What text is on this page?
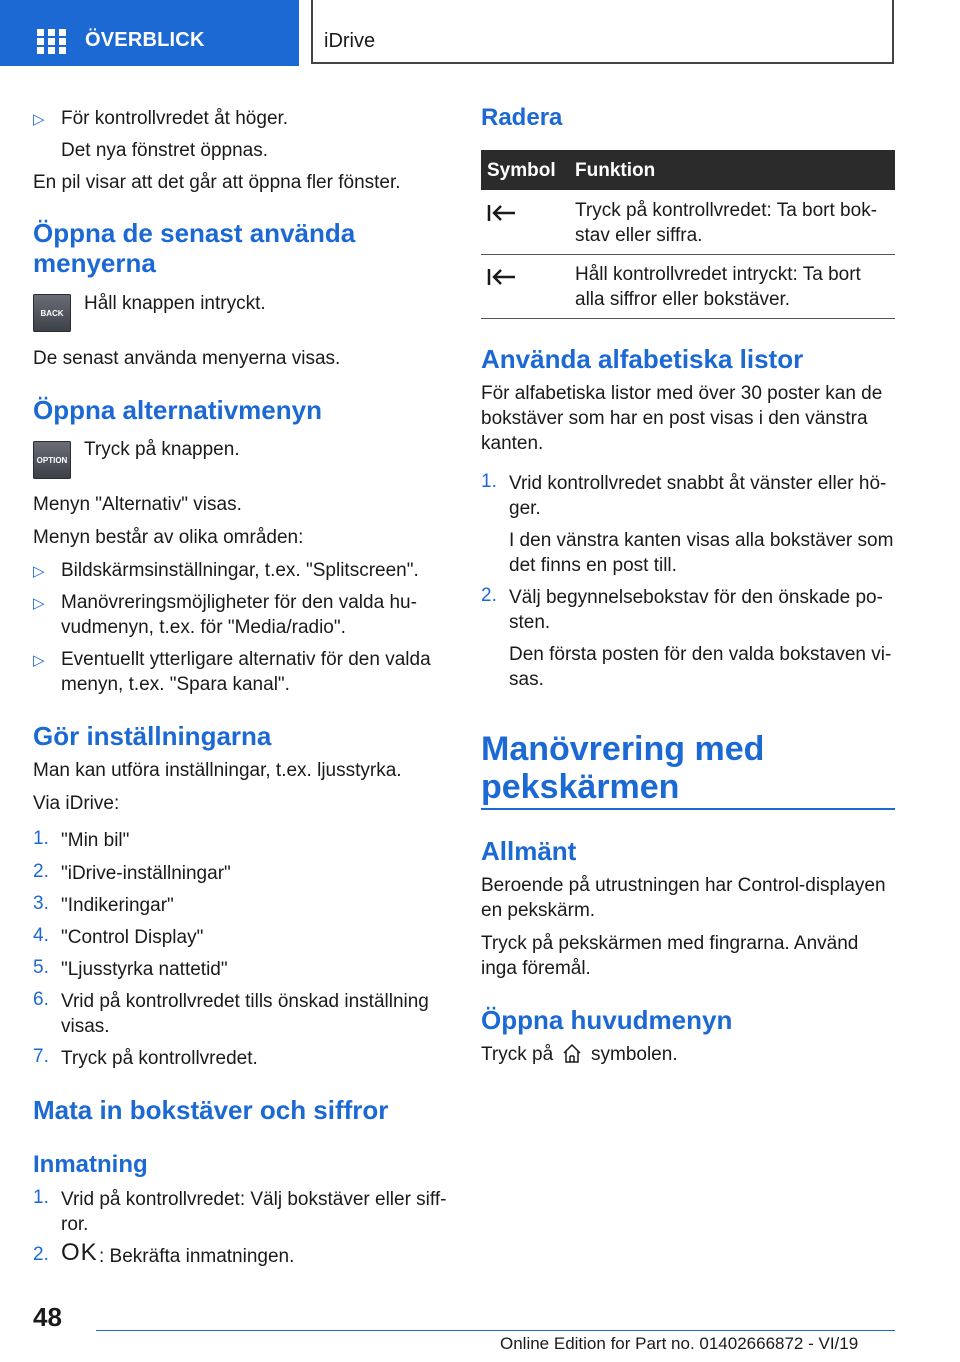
ÖVERBLICK	iDrive
▷ För kontrollvredet åt höger.
Det nya fönstret öppnas.
En pil visar att det går att öppna fler fönster.
Öppna de senast använda
menyerna
BACK	Håll knappen intryckt.
De senast använda menyerna visas.
Öppna alternativmenyn
OPTION Tryck på knappen.
Menyn "Alternativ" visas.
Menyn består av olika områden:
▷ Bildskärmsinställningar, t.ex. "Splitscreen".
▷ Manövreringsmöjligheter för den valda hu-
vudmenyn, t.ex. för "Media/radio".
▷ Eventuellt ytterligare alternativ för den valda
menyn, t.ex. "Spara kanal".
Gör inställningarna
Man kan utföra inställningar, t.ex. ljusstyrka.
Via iDrive:
1. "Min bil"
2. "iDrive-inställningar"
3. "Indikeringar"
4. "Control Display"
5. "Ljusstyrka nattetid"
6. Vrid på kontrollvredet tills önskad inställning
visas.
7. Tryck på kontrollvredet.
Mata in bokstäver och siffror
Inmatning
1. Vrid på kontrollvredet: Välj bokstäver eller siff-
ror.
2. OK : Bekräfta inmatningen.
48
Radera
Symbol Funktion
Tryck på kontrollvredet: Ta bort bok-
stav eller siffra.
Håll kontrollvredet intryckt: Ta bort
alla siffror eller bokstäver.
Använda alfabetiska listor
För alfabetiska listor med över 30 poster kan de
bokstäver som har en post visas i den vänstra
kanten.
1. Vrid kontrollvredet snabbt åt vänster eller hö-
ger.
I den vänstra kanten visas alla bokstäver som
det finns en post till.
2. Välj begynnelsebokstav för den önskade po-
sten.
Den första posten för den valda bokstaven vi-
sas.
Manövrering med
pekskärmen
Allmänt
Beroende på utrustningen har Control-displayen
en pekskärm.
Tryck på pekskärmen med fingrarna. Använd
inga föremål.
Öppna huvudmenyn
Tryck på symbolen.
Online Edition for Part no. 01402666872 - VI/19
